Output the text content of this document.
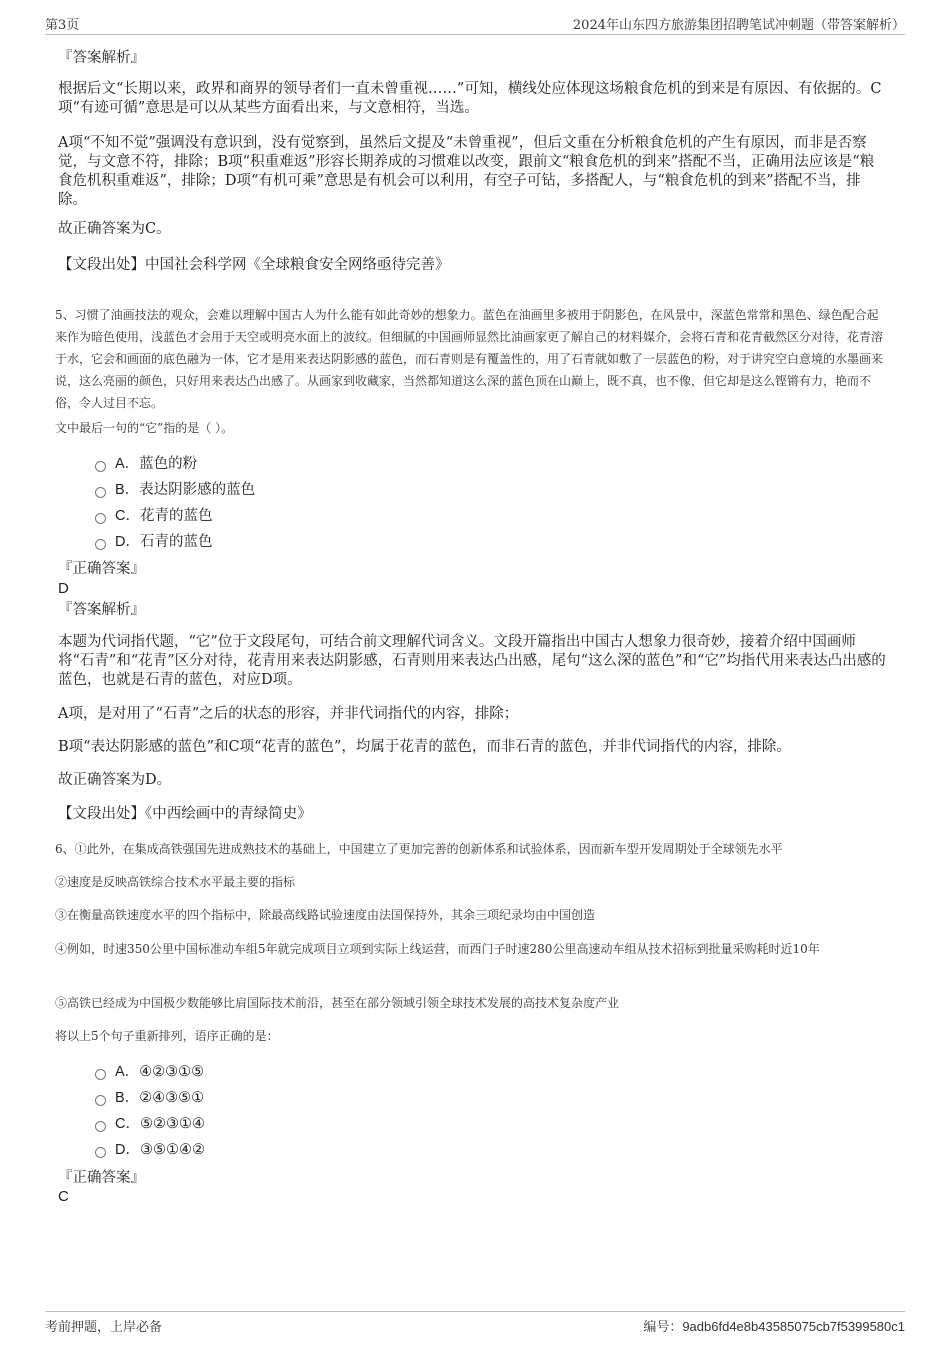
第3页	2024年山东四方旅游集团招聘笔试冲刺题（带答案解析）
『答案解析』
根据后文“长期以来，政界和商界的领导者们一直未曾重视……”可知，横线处应体现这场粮食危机的到来是有原因、有依据的。C项“有迹可循”意思是可以从某些方面看出来，与文意相符，当选。
A项“不知不觉”强调没有意识到，没有觉察到，虽然后文提及“未曾重视”，但后文重在分析粮食危机的产生有原因，而非是否察觉，与文意不符，排除；B项“积重难返”形容长期养成的习惯难以改变，跟前文“粮食危机的到来”搭配不当，正确用法应该是“粮食危机积重难返”，排除；D项“有机可乘”意思是有机会可以利用，有空子可钻，多搭配人，与“粮食危机的到来”搭配不当，排除。
故正确答案为C。
【文段出处】中国社会科学网《全球粮食安全网络亟待完善》
5、习惯了油画技法的观众，会难以理解中国古人为什么能有如此奇妙的想象力。蓝色在油画里多被用于阴影色，在风景中，深蓝色常常和黑色、绿色配合起来作为暗色使用，浅蓝色才会用于天空或明亮水面上的波纹。但细腻的中国画师显然比油画家更了解自己的材料媒介，会将石青和花青截然区分对待，花青溶于水，它会和画面的底色融为一体，它才是用来表达阴影感的蓝色，而石青则是有覆盖性的，用了石青就如敷了一层蓝色的粉，对于讲究空白意境的水墨画来说，这么亮丽的颜色，只好用来表达凸出感了。从画家到收藏家，当然都知道这么深的蓝色顶在山巅上，既不真，也不像，但它却是这么铿锵有力，艳而不俗，令人过目不忘。
文中最后一句的“它”指的是（ ）。
A．蓝色的粉
B．表达阴影感的蓝色
C．花青的蓝色
D．石青的蓝色
『正确答案』
D
『答案解析』
本题为代词指代题，“它”位于文段尾句，可结合前文理解代词含义。文段开篇指出中国古人想象力很奇妙，接着介绍中国画师将“石青”和“花青”区分对待，花青用来表达阴影感，石青则用来表达凸出感，尾句“这么深的蓝色”和“它”均指代用来表达凸出感的蓝色，也就是石青的蓝色，对应D项。
A项，是对用了“石青”之后的状态的形容，并非代词指代的内容，排除；
B项“表达阴影感的蓝色”和C项“花青的蓝色”，均属于花青的蓝色，而非石青的蓝色，并非代词指代的内容，排除。
故正确答案为D。
【文段出处】《中西绘画中的青绿简史》
6、①此外，在集成高铁强国先进成熟技术的基础上，中国建立了更加完善的创新体系和试验体系，因而新车型开发周期处于全球领先水平
②速度是反映高铁综合技术水平最主要的指标
③在衡量高铁速度水平的四个指标中，除最高线路试验速度由法国保持外，其余三项纪录均由中国创造
④例如，时速350公里中国标准动车组5年就完成项目立项到实际上线运营，而西门子时速280公里高速动车组从技术招标到批量采购耗时近10年
⑤高铁已经成为中国极少数能够比肩国际技术前沿，甚至在部分领域引领全球技术发展的高技术复杂度产业
将以上5个句子重新排列，语序正确的是：
A．④②③①⑤
B．②④③⑤①
C．⑤②③①④
D．③⑤①④②
『正确答案』
C
考前押题，上岸必备	编号：9adb6fd4e8b43585075cb7f5399580c1
